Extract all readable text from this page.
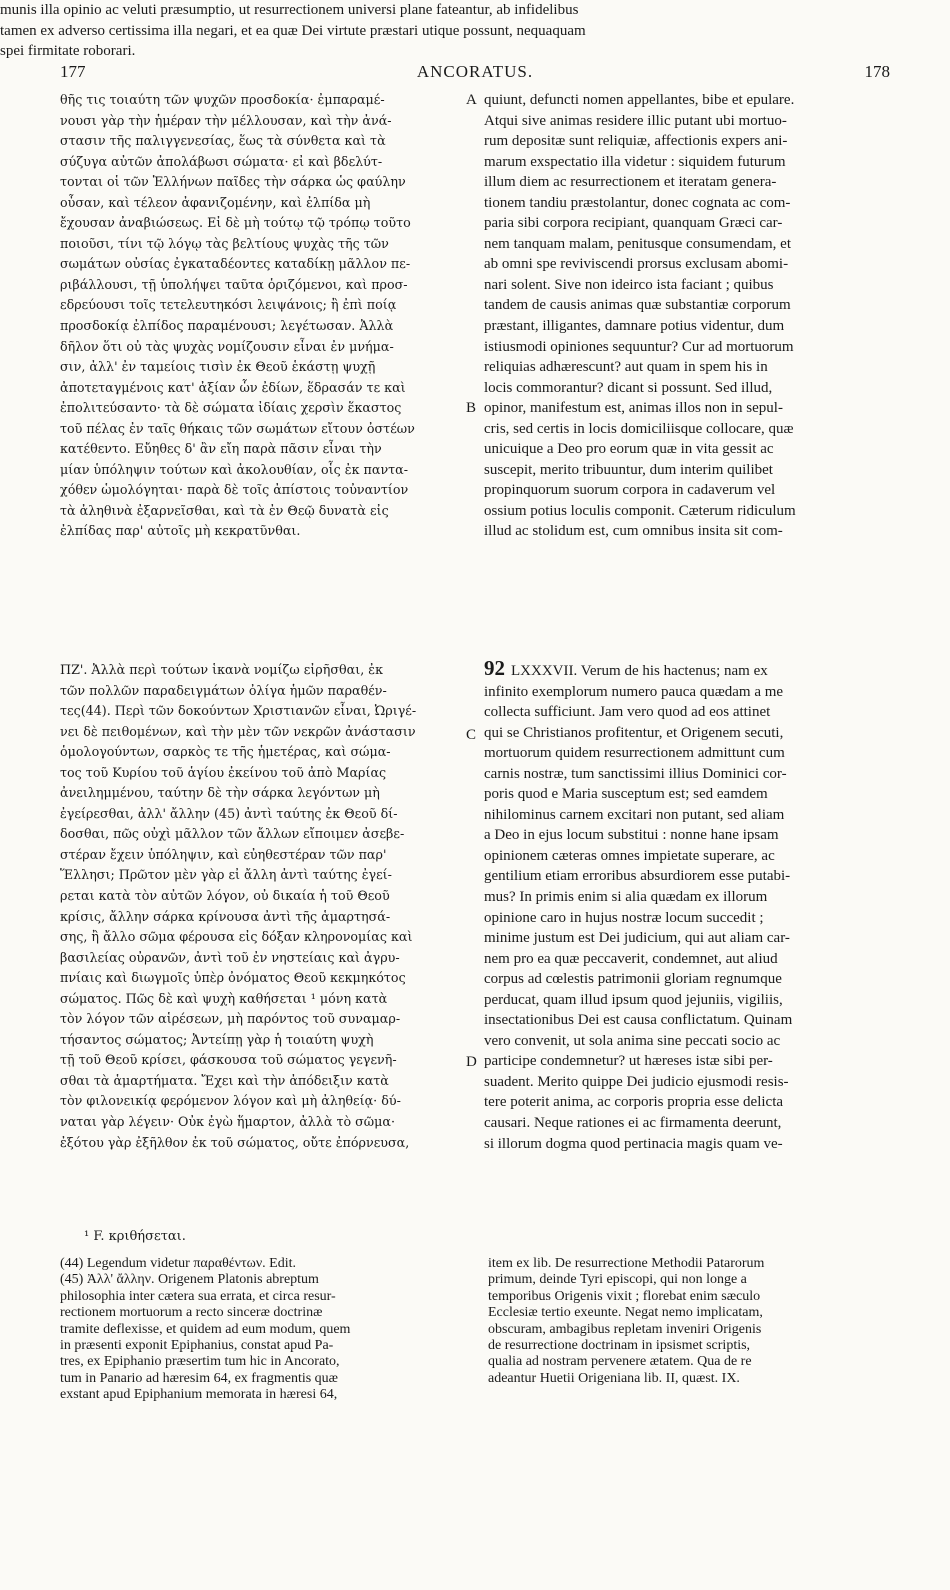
177	ANCORATUS.	178
θῆς τις τοιαύτη τῶν ψυχῶν προσδοκία· ἐμπαραμέ-
νουσι γὰρ τὴν ἡμέραν τὴν μέλλουσαν, καὶ τὴν ἀνά-
στασιν τῆς παλιγγενεσίας, ἕως τὰ σύνθετα καὶ τὰ
σύζυγα αὐτῶν ἀπολάβωσι σώματα· εἰ καὶ βδελύτ-
τονται οἱ τῶν Ἑλλήνων παῖδες τὴν σάρκα ὡς φαύλην
οὖσαν, καὶ τέλεον ἀφανιζομένην, καὶ ἐλπίδα μὴ
ἔχουσαν ἀναβιώσεως. Εἰ δὲ μὴ τούτῳ τῷ τρόπῳ τοῦτο
ποιοῦσι, τίνι τῷ λόγῳ τὰς βελτίους ψυχὰς τῆς τῶν
σωμάτων οὐσίας ἐγκαταδέοντες καταδίκῃ μᾶλλον πε-
ριβάλλουσι, τῇ ὑπολήψει ταῦτα ὁριζόμενοι, καὶ προσ-
εδρεύουσι τοῖς τετελευτηκόσι λειψάνοις; ἢ ἐπὶ ποίᾳ
προσδοκίᾳ ἐλπίδος παραμένουσι; λεγέτωσαν. Ἀλλὰ
δῆλον ὅτι οὐ τὰς ψυχὰς νομίζουσιν εἶναι ἐν μνήμα-
σιν, ἀλλ' ἐν ταμείοις τισὶν ἐκ Θεοῦ ἑκάστῃ ψυχῇ
ἀποτεταγμένοις κατ' ἀξίαν ὧν ἐδίων, ἕδρασάν τε καὶ
ἐπολιτεύσαντο· τὰ δὲ σώματα ἰδίαις χερσὶν ἕκαστος
τοῦ πέλας ἐν ταῖς θήκαις τῶν σωμάτων εἴτουν ὀστέων
κατέθεντο. Εὔηθες δ' ἂν εἴη παρὰ πᾶσιν εἶναι τὴν
μίαν ὑπόληψιν τούτων καὶ ἀκολουθίαν, οἷς ἐκ παντα-
χόθεν ὡμολόγηται· παρὰ δὲ τοῖς ἀπίστοις τοὐναντίον
τὰ ἀληθινὰ ἐξαρνεῖσθαι, καὶ τὰ ἐν Θεῷ δυνατὰ εἰς
ἐλπίδας παρ' αὐτοῖς μὴ κεκρατῦνθαι.
quiunt, defuncti nomen appellantes, bibe et epulare.
Atqui sive animas residere illic putant ubi mortuo-
rum depositæ sunt reliquiæ, affectionis expers ani-
marum exspectatio illa videtur : siquidem futurum
illum diem ac resurrectionem et iteratam genera-
tionem tandiu præstolantur, donec cognata ac com-
paria sibi corpora recipiant, quanquam Græci car-
nem tanquam malam, penitusque consumendam, et
ab omni spe reviviscendi prorsus exclusam abomi-
nari solent. Sive non ideirco ista faciant ; quibus
tandem de causis animas quæ substantiæ corporum
præstant, illigantes, damnare potius videntur, dum
istiusmodi opiniones sequuntur? Cur ad mortuorum
reliquias adhærescunt? aut quam in spem his in
locis commorantur? dicant si possunt. Sed illud,
opinor, manifestum est, animas illos non in sepul-
cris, sed certis in locis domiciliisque collocare, quæ
unicuique a Deo pro eorum quæ in vita gessit ac
suscepit, merito tribuuntur, dum interim quilibet
propinquorum suorum corpora in cadaverum vel
ossium potius loculis componit. Cæterum ridiculum
illud ac stolidum est, cum omnibus insita sit com-
A
B
munis illa opinio ac veluti præsumptio, ut resurrectionem universi plane fateantur, ab infidelibus
tamen ex adverso certissima illa negari, et ea quæ Dei virtute præstari utique possunt, nequaquam
spei firmitate roborari.
ΠΖ'. Ἀλλὰ περὶ τούτων ἱκανὰ νομίζω εἰρῆσθαι, ἐκ
τῶν πολλῶν παραδειγμάτων ὀλίγα ἡμῶν παραθέν-
τες(44). Περὶ τῶν δοκούντων Χριστιανῶν εἶναι, Ὠριγέ-
νει δὲ πειθομένων, καὶ τὴν μὲν τῶν νεκρῶν ἀνάστασιν
ὁμολογούντων, σαρκὸς τε τῆς ἡμετέρας, καὶ σώμα-
τος τοῦ Κυρίου τοῦ ἁγίου ἐκείνου τοῦ ἀπὸ Μαρίας
ἀνειλημμένου, ταύτην δὲ τὴν σάρκα λεγόντων μὴ
ἐγείρεσθαι, ἀλλ' ἄλλην (45) ἀντὶ ταύτης ἐκ Θεοῦ δί-
δοσθαι, πῶς οὐχὶ μᾶλλον τῶν ἄλλων εἴποιμεν ἀσεβε-
στέραν ἔχειν ὑπόληψιν, καὶ εὐηθεστέραν τῶν παρ'
Ἕλλησι; Πρῶτον μὲν γὰρ εἰ ἄλλη ἀντὶ ταύτης ἐγεί-
ρεται κατὰ τὸν αὐτῶν λόγον, οὐ δικαία ἡ τοῦ Θεοῦ
κρίσις, ἄλλην σάρκα κρίνουσα ἀντὶ τῆς ἁμαρτησά-
σης, ἢ ἄλλο σῶμα φέρουσα εἰς δόξαν κληρονομίας καὶ
βασιλείας οὐρανῶν, ἀντὶ τοῦ ἐν νηστείαις καὶ ἀγρυ-
πνίαις καὶ διωγμοῖς ὑπὲρ ὀνόματος Θεοῦ κεκμηκότος
σώματος. Πῶς δὲ καὶ ψυχὴ καθήσεται ¹ μόνη κατὰ
τὸν λόγον τῶν αἱρέσεων, μὴ παρόντος τοῦ συναμαρ-
τήσαντος σώματος; Ἀντείπῃ γὰρ ἡ τοιαύτη ψυχὴ
τῇ τοῦ Θεοῦ κρίσει, φάσκουσα τοῦ σώματος γεγενῆ-
σθαι τὰ ἁμαρτήματα. Ἔχει καὶ τὴν ἀπόδειξιν κατὰ
τὸν φιλονεικίᾳ φερόμενον λόγον καὶ μὴ ἀληθείᾳ· δύ-
ναται γὰρ λέγειν· Οὐκ ἐγὼ ἥμαρτον, ἀλλὰ τὸ σῶμα·
ἐξότου γὰρ ἐξῆλθον ἐκ τοῦ σώματος, οὔτε ἐπόρνευσα,
92 LXXXVII. Verum de his hactenus; nam ex
infinito exemplorum numero pauca quædam a me
collecta sufficiunt. Jam vero quod ad eos attinet
qui se Christianos profitentur, et Origenem secuti,
mortuorum quidem resurrectionem admittunt cum
carnis nostræ, tum sanctissimi illius Dominici cor-
poris quod e Maria susceptum est; sed eamdem
nihilominus carnem excitari non putant, sed aliam
a Deo in ejus locum substitui : nonne hane ipsam
opinionem cæteras omnes impietate superare, ac
gentilium etiam erroribus absurdiorem esse putabi-
mus? In primis enim si alia quædam ex illorum
opinione caro in hujus nostræ locum succedit ;
minime justum est Dei judicium, qui aut aliam car-
nem pro ea quæ peccaverit, condemnet, aut aliud
corpus ad cœlestis patrimonii gloriam regnumque
perducat, quam illud ipsum quod jejuniis, vigiliis,
insectationibus Dei est causa conflictatum. Quinam
vero convenit, ut sola anima sine peccati socio ac
participe condemnetur? ut hæreses istæ sibi per-
suadent. Merito quippe Dei judicio ejusmodi resis-
tere poterit anima, ac corporis propria esse delicta
causari. Neque rationes ei ac firmamenta deerunt,
si illorum dogma quod pertinacia magis quam ve-
C
D
¹ F. κριθήσεται.
(44) Legendum videtur παραθέντων. Edit.
(45) Ἀλλ' ἄλλην. Origenem Platonis abreptum
philosophia inter cætera sua errata, et circa resur-
rectionem mortuorum a recto sinceræ doctrinæ
tramite deflexisse, et quidem ad eum modum, quem
in præsenti exponit Epiphanius, constat apud Pa-
tres, ex Epiphanio præsertim tum hic in Ancorato,
tum in Panario ad hæresim 64, ex fragmentis quæ
exstant apud Epiphanium memorata in hæresi 64,
item ex lib. De resurrectione Methodii Patarorum
primum, deinde Tyri episcopi, qui non longe a
temporibus Origenis vixit ; florebat enim sæculo
Ecclesiæ tertio exeunte. Negat nemo implicatam,
obscuram, ambagibus repletam inveniri Origenis
de resurrectione doctrinam in ipsismet scriptis,
qualia ad nostram pervenere ætatem. Qua de re
adeantur Huetii Origeniana lib. II, quæst. IX.
